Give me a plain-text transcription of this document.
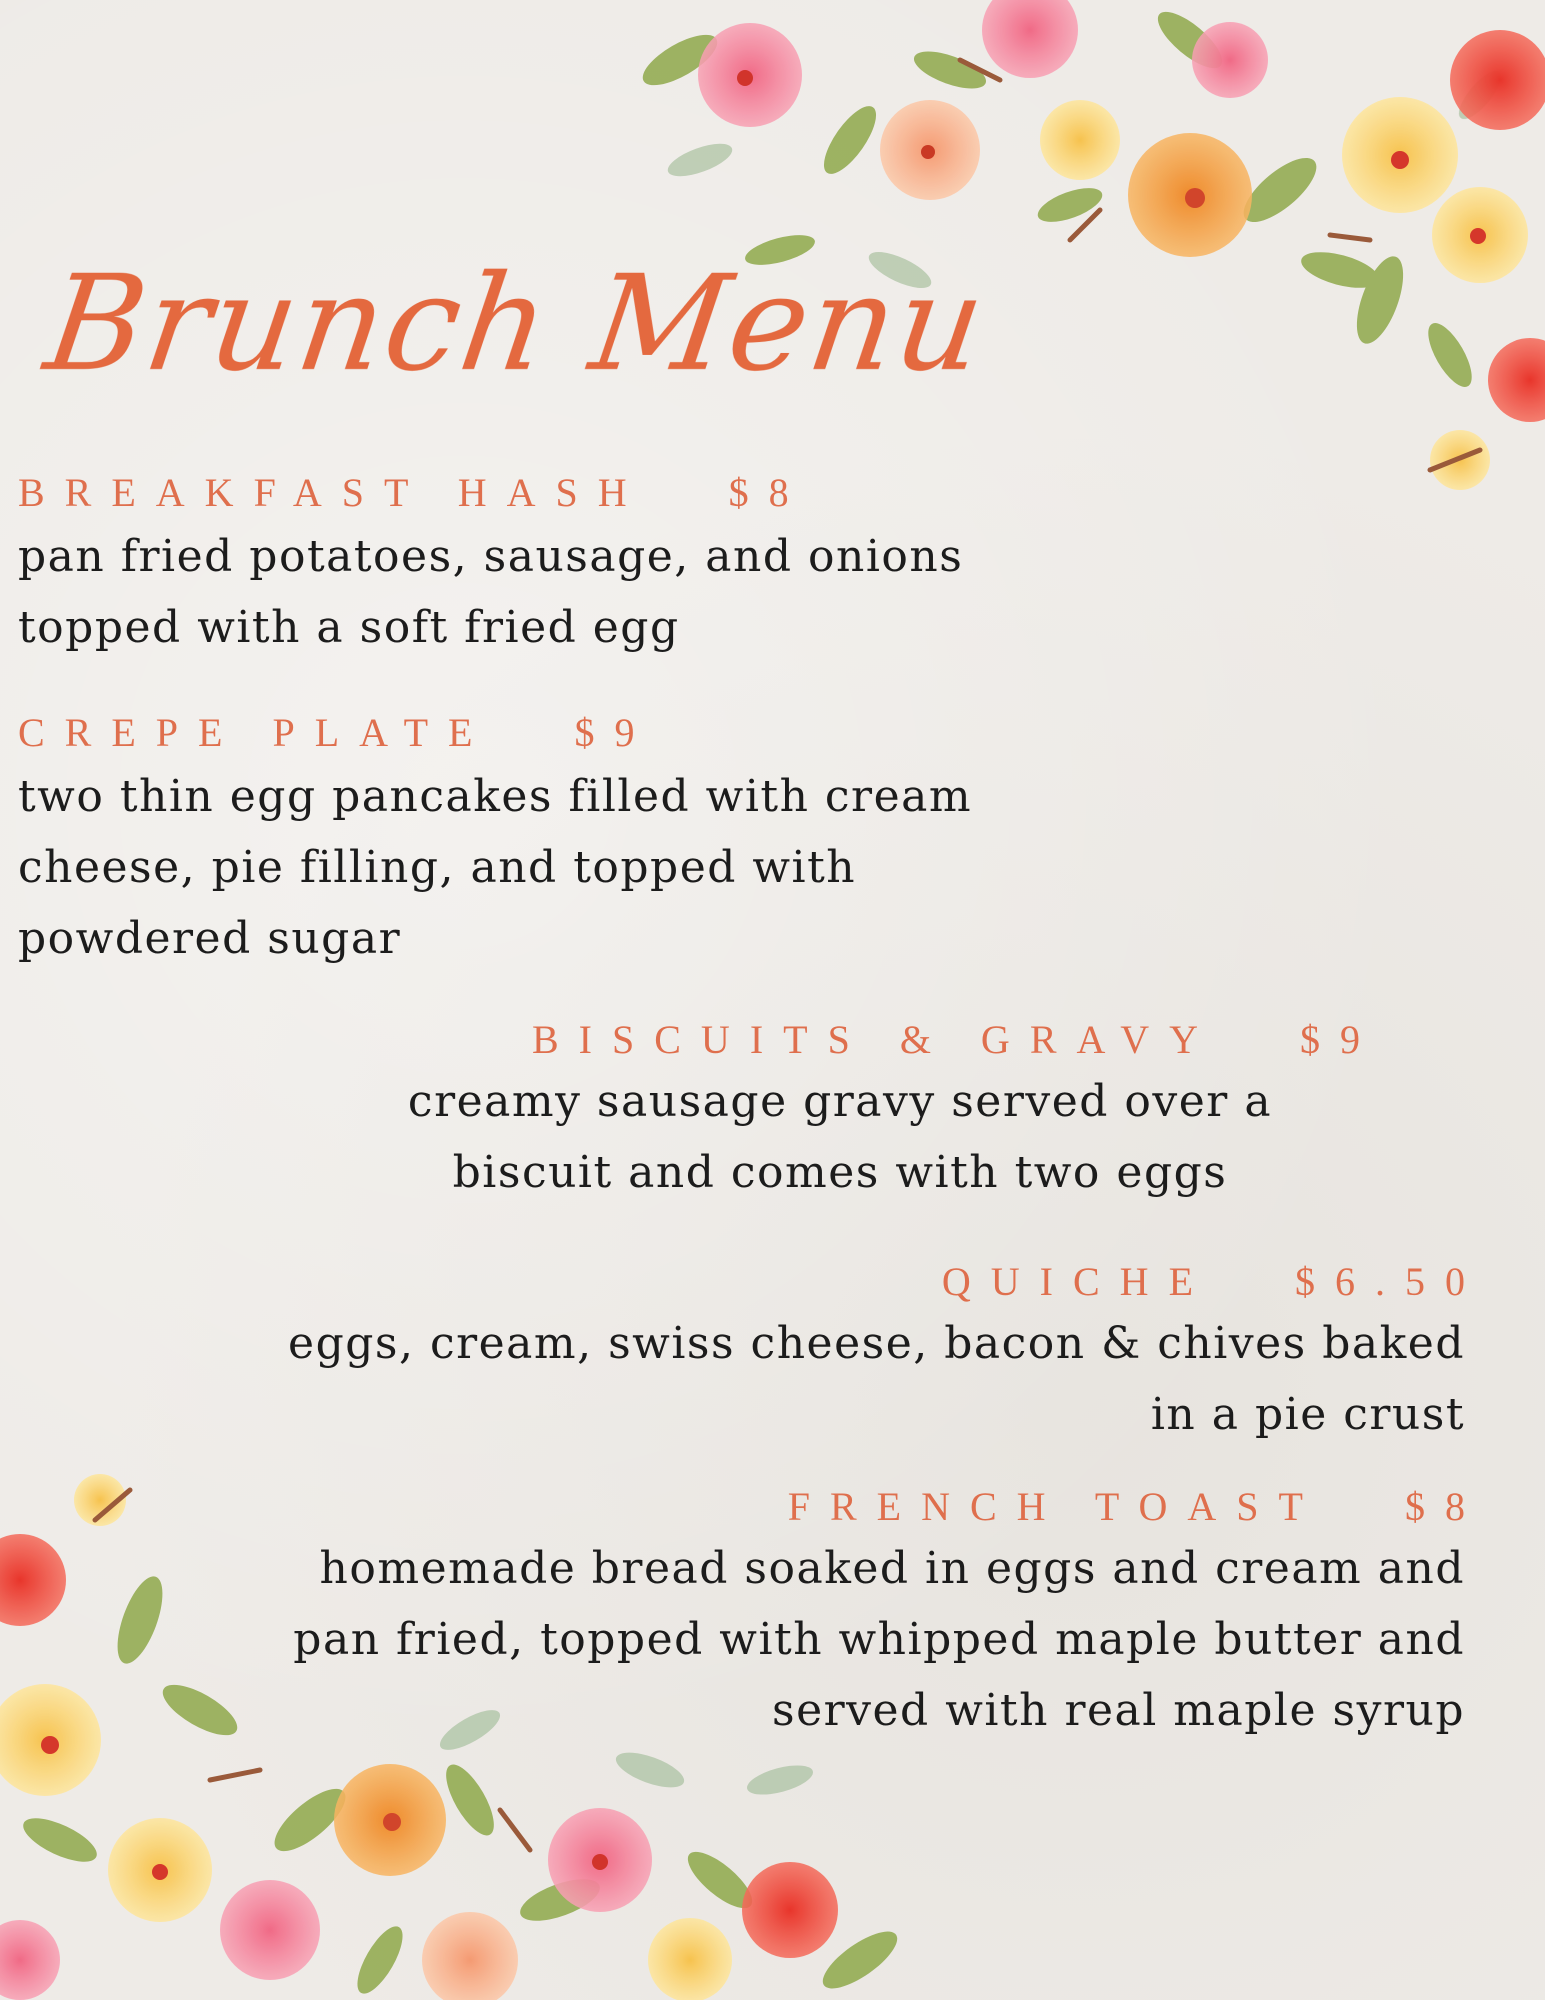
Brunch Menu
BREAKFAST HASH $8
pan fried potatoes, sausage, and onions
topped with a soft fried egg
CREPE PLATE $9
two thin egg pancakes filled with cream
cheese, pie filling, and topped with
powdered sugar
BISCUITS & GRAVY $9
creamy sausage gravy served over a
biscuit and comes with two eggs
QUICHE $6.50
eggs, cream, swiss cheese, bacon & chives baked
in a pie crust
FRENCH TOAST $8
homemade bread soaked in eggs and cream and
pan fried, topped with whipped maple butter and
served with real maple syrup
